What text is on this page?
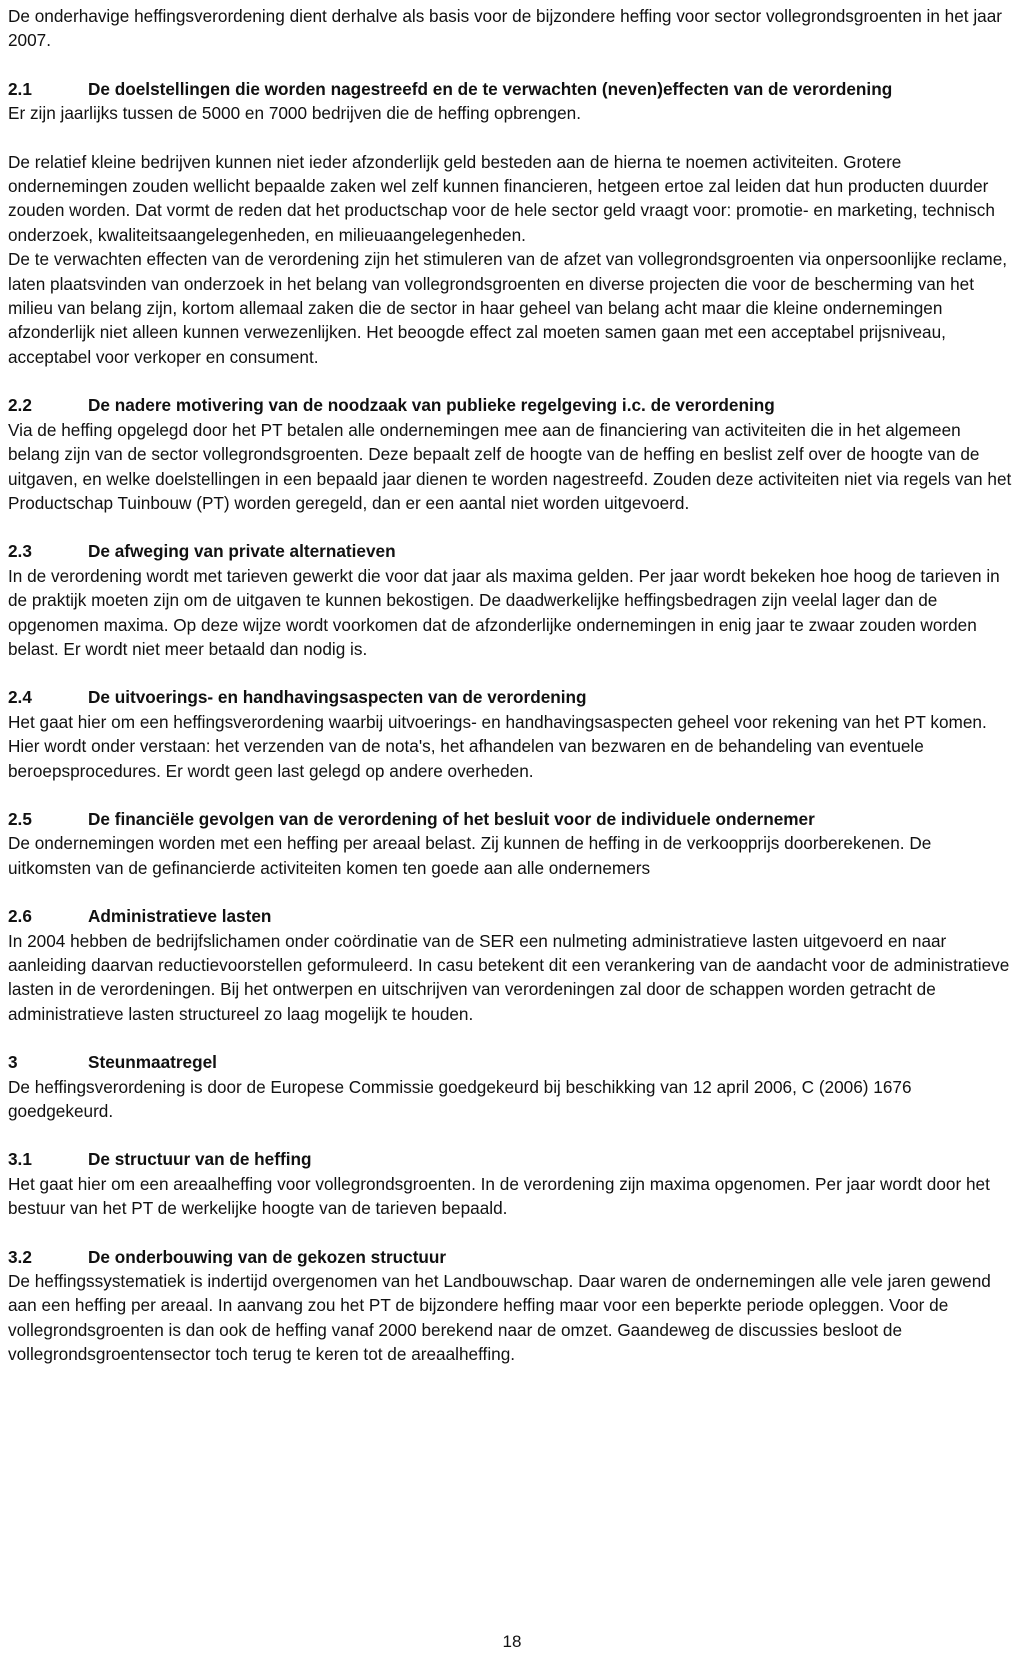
De onderhavige heffingsverordening dient derhalve als basis voor de bijzondere heffing voor sector vollegrondsgroenten in het jaar 2007.

2.1	De doelstellingen die worden nagestreefd en de te verwachten (neven)effecten van de verordening

Er zijn jaarlijks tussen de 5000 en 7000 bedrijven die de heffing opbrengen.

De relatief kleine bedrijven kunnen niet ieder afzonderlijk geld besteden aan de hierna te noemen activiteiten. Grotere ondernemingen zouden wellicht bepaalde zaken wel zelf kunnen financieren, hetgeen ertoe zal leiden dat hun producten duurder zouden worden. Dat vormt de reden dat het productschap voor de hele sector geld vraagt voor: promotie- en marketing, technisch onderzoek, kwaliteitsaangelegenheden, en milieuaangelegenheden.

De te verwachten effecten van de verordening zijn het stimuleren van de afzet van vollegrondsgroenten via onpersoonlijke reclame, laten plaatsvinden van onderzoek in het belang van vollegrondsgroenten en diverse projecten die voor de bescherming van het milieu van belang zijn, kortom allemaal zaken die de sector in haar geheel van belang acht maar die kleine ondernemingen afzonderlijk niet alleen kunnen verwezenlijken. Het beoogde effect zal moeten samen gaan met een acceptabel prijsniveau, acceptabel voor verkoper en consument.

2.2	De nadere motivering van de noodzaak van publieke regelgeving i.c. de verordening

Via de heffing opgelegd door het PT betalen alle ondernemingen mee aan de financiering van activiteiten die in het algemeen belang zijn van de sector vollegrondsgroenten. Deze bepaalt zelf de hoogte van de heffing en beslist zelf over de hoogte van de uitgaven, en welke doelstellingen in een bepaald jaar dienen te worden nagestreefd. Zouden deze activiteiten niet via regels van het Productschap Tuinbouw (PT) worden geregeld, dan er een aantal niet worden uitgevoerd.

2.3	De afweging van private alternatieven

In de verordening wordt met tarieven gewerkt die voor dat jaar als maxima gelden. Per jaar wordt bekeken hoe hoog de tarieven in de praktijk moeten zijn om de uitgaven te kunnen bekostigen. De daadwerkelijke heffingsbedragen zijn veelal lager dan de opgenomen maxima. Op deze wijze wordt voorkomen dat de afzonderlijke ondernemingen in enig jaar te zwaar zouden worden belast. Er wordt niet meer betaald dan nodig is.

2.4	De uitvoerings- en handhavingsaspecten van de verordening

Het gaat hier om een heffingsverordening waarbij uitvoerings- en handhavingsaspecten geheel voor rekening van het PT komen. Hier wordt onder verstaan: het verzenden van de nota's, het afhandelen van bezwaren en de behandeling van eventuele beroepsprocedures. Er wordt geen last gelegd op andere overheden.

2.5	De financiële gevolgen van de verordening of het besluit voor de individuele ondernemer

De ondernemingen worden met een heffing per areaal belast. Zij kunnen de heffing in de verkoopprijs doorberekenen. De uitkomsten van de gefinancierde activiteiten komen ten goede aan alle ondernemers

2.6	Administratieve lasten

In 2004 hebben de bedrijfslichamen onder coördinatie van de SER een nulmeting administratieve lasten uitgevoerd en naar aanleiding daarvan reductievoorstellen geformuleerd. In casu betekent dit een verankering van de aandacht voor de administratieve lasten in de verordeningen. Bij het ontwerpen en uitschrijven van verordeningen zal door de schappen worden getracht de administratieve lasten structureel zo laag mogelijk te houden.

3	Steunmaatregel

De heffingsverordening is door de Europese Commissie goedgekeurd bij beschikking van 12 april 2006, C (2006) 1676 goedgekeurd.

3.1	De structuur van de heffing

Het gaat hier om een areaalheffing voor vollegrondsgroenten. In de verordening zijn maxima opgenomen. Per jaar wordt door het bestuur van het PT de werkelijke hoogte van de tarieven bepaald.

3.2	De onderbouwing van de gekozen structuur

De heffingssystematiek is indertijd overgenomen van het Landbouwschap. Daar waren de ondernemingen alle vele jaren gewend aan een heffing per areaal. In aanvang zou het PT de bijzondere heffing maar voor een beperkte periode opleggen. Voor de vollegrondsgroenten is dan ook de heffing vanaf 2000 berekend naar de omzet. Gaandeweg de discussies besloot de vollegrondsgroentensector toch terug te keren tot de areaalheffing.

18
